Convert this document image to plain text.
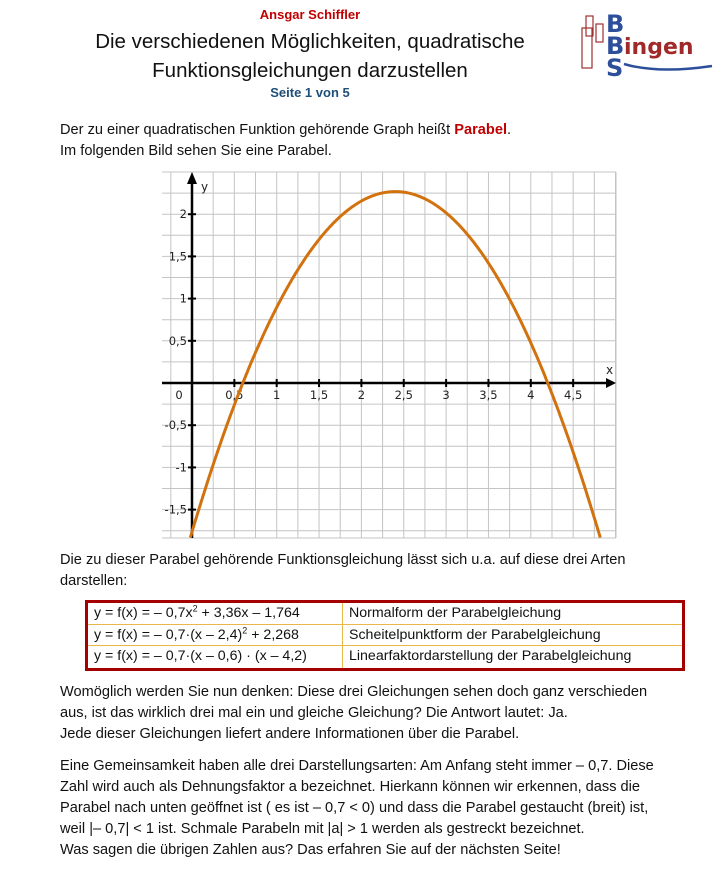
Ansgar Schiffler
Die verschiedenen Möglichkeiten, quadratische
Funktionsgleichungen darzustellen
Seite 1 von 5
B
B
S
ingen
Der zu einer quadratischen Funktion gehörende Graph heißt Parabel.
Im folgenden Bild sehen Sie eine Parabel.
x
y
0	0,5	1	1,5	2	2,5	3	3,5	4	4,5
2
1,5
1
0,5
-0,5
-1
-1,5
Die zu dieser Parabel gehörende Funktionsgleichung lässt sich u.a. auf diese drei Arten
darstellen:
y = f(x) = – $0,7x^2 + 3,36x - 1,764$	Normalform der Parabelgleichung
y = f(x) = – 0,7·(x – 2,4)$^2$ + 2,268	Scheitelpunktform der Parabelgleichung
y = f(x) = – 0,7·(x – 0,6) · (x – 4,2)	Linearfaktordarstellung der Parabelgleichung
Womöglich werden Sie nun denken: Diese drei Gleichungen sehen doch ganz verschieden
aus, ist das wirklich drei mal ein und gleiche Gleichung? Die Antwort lautet: Ja.
Jede dieser Gleichungen liefert andere Informationen über die Parabel.
Eine Gemeinsamkeit haben alle drei Darstellungsarten: Am Anfang steht immer – 0,7. Diese
Zahl wird auch als Dehnungsfaktor a bezeichnet. Hierkann können wir erkennen, dass die
Parabel nach unten geöffnet ist ( es ist – 0,7 < 0) und dass die Parabel gestaucht (breit) ist,
weil |– 0,7| < 1 ist. Schmale Parabeln mit |a| > 1 werden als gestreckt bezeichnet.
Was sagen die übrigen Zahlen aus? Das erfahren Sie auf der nächsten Seite!
